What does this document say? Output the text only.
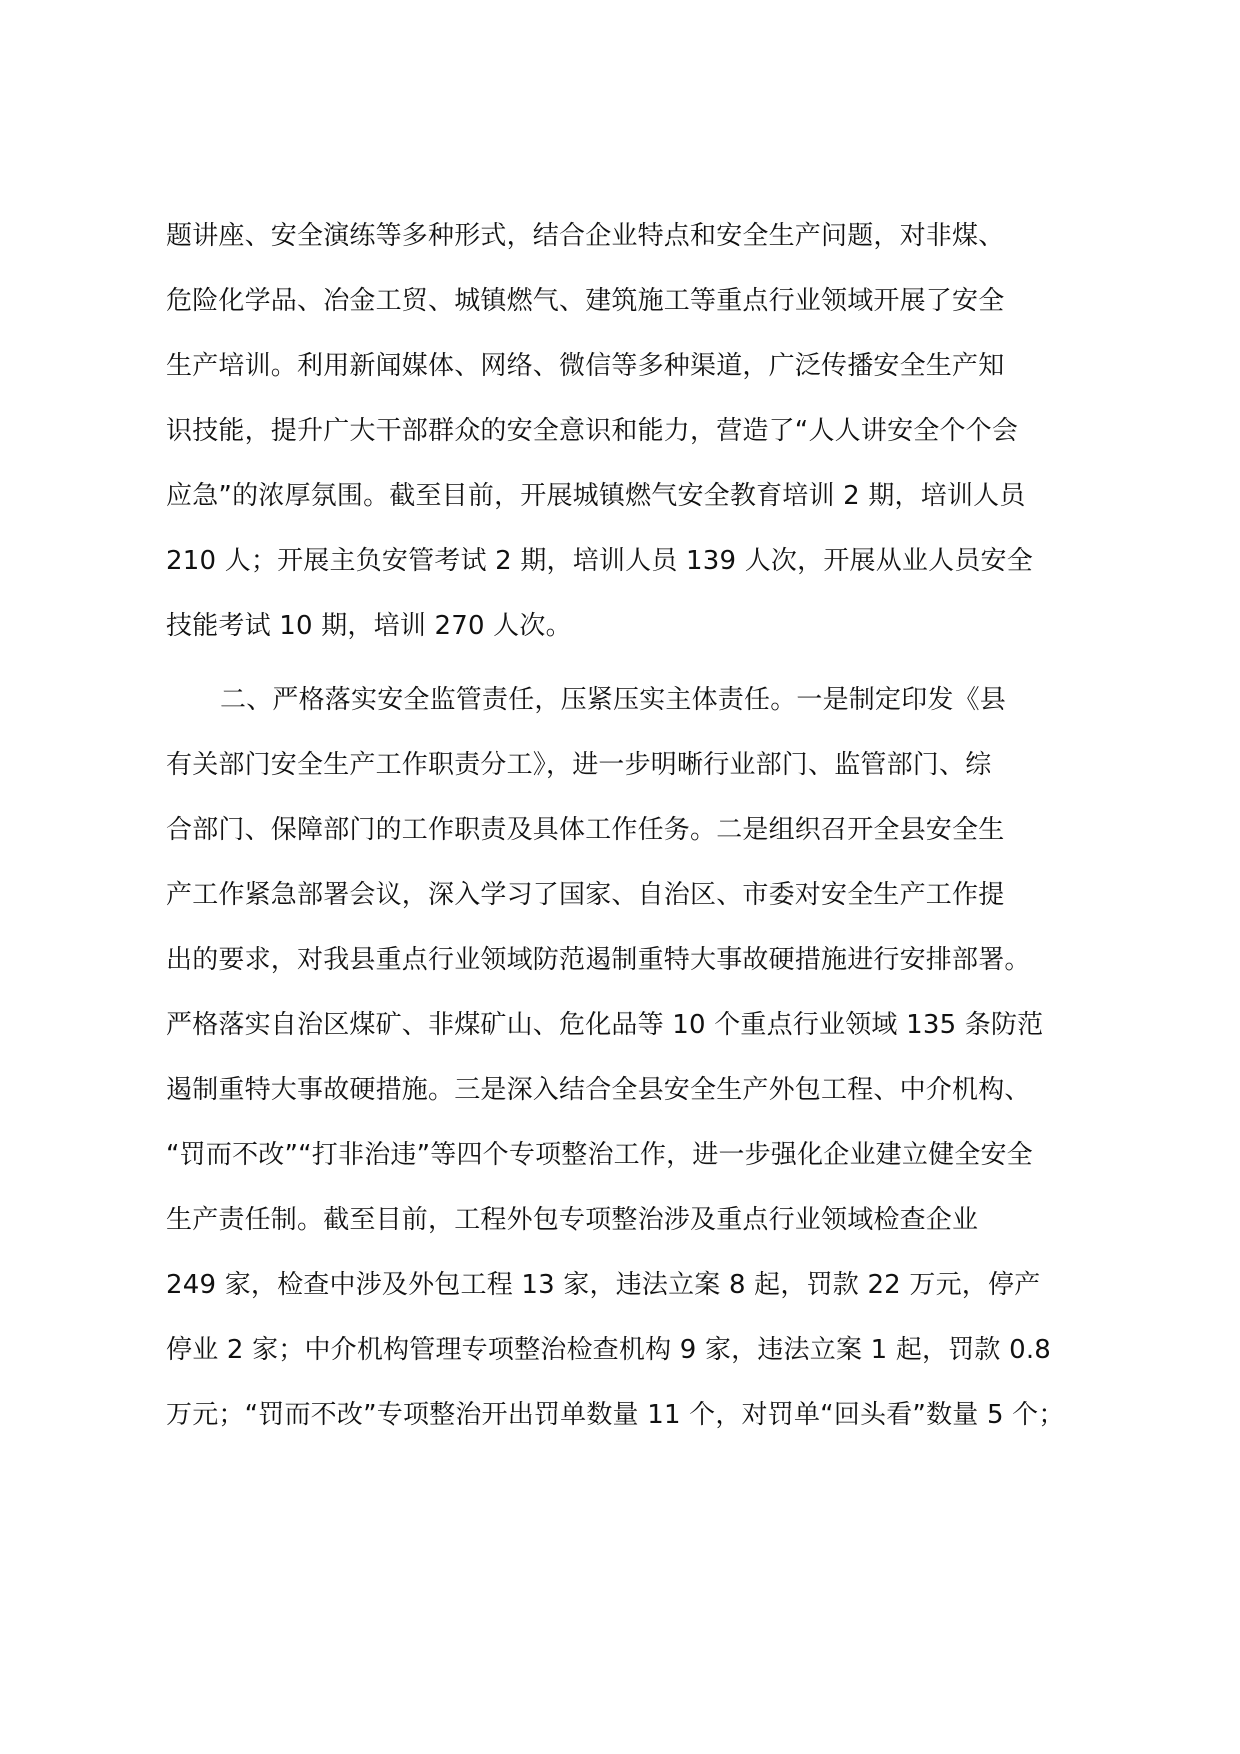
题讲座、安全演练等多种形式，结合企业特点和安全生产问题，对非煤、
危险化学品、冶金工贸、城镇燃气、建筑施工等重点行业领域开展了安全
生产培训。利用新闻媒体、网络、微信等多种渠道，广泛传播安全生产知
识技能，提升广大干部群众的安全意识和能力，营造了“人人讲安全个个会
应急”的浓厚氛围。截至目前，开展城镇燃气安全教育培训 2 期，培训人员
210 人；开展主负安管考试 2 期，培训人员 139 人次，开展从业人员安全
技能考试 10 期，培训 270 人次。
二、严格落实安全监管责任，压紧压实主体责任。一是制定印发《县
有关部门安全生产工作职责分工》，进一步明晰行业部门、监管部门、综
合部门、保障部门的工作职责及具体工作任务。二是组织召开全县安全生
产工作紧急部署会议，深入学习了国家、自治区、市委对安全生产工作提
出的要求，对我县重点行业领域防范遏制重特大事故硬措施进行安排部署。
严格落实自治区煤矿、非煤矿山、危化品等 10 个重点行业领域 135 条防范
遏制重特大事故硬措施。三是深入结合全县安全生产外包工程、中介机构、
“罚而不改”“打非治违”等四个专项整治工作，进一步强化企业建立健全安全
生产责任制。截至目前，工程外包专项整治涉及重点行业领域检查企业
249 家，检查中涉及外包工程 13 家，违法立案 8 起，罚款 22 万元，停产
停业 2 家；中介机构管理专项整治检查机构 9 家，违法立案 1 起，罚款 0.8
万元；“罚而不改”专项整治开出罚单数量 11 个，对罚单“回头看”数量 5 个；
